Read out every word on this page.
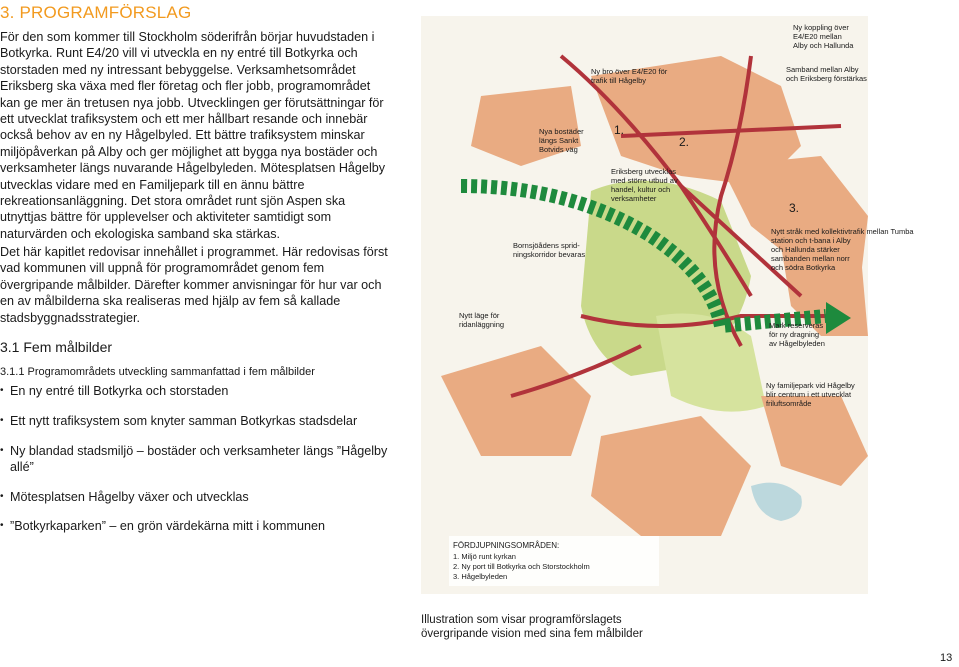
3. PROGRAMFÖRSLAG

För den som kommer till Stockholm söderifrån börjar huvudstaden i Botkyrka. Runt E4/20 vill vi utveckla en ny entré till Botkyrka och storstaden med ny intressant bebyggelse. Verksamhetsområdet Eriksberg ska växa med fler företag och fler jobb, programområdet kan ge mer än tretusen nya jobb. Utvecklingen ger förutsättningar för ett utvecklat trafiksystem och ett mer hållbart resande och innebär också behov av en ny Hågelbyled. Ett bättre trafiksystem minskar miljöpåverkan på Alby och ger möjlighet att bygga nya bostäder och verksamheter längs nuvarande Hågelbyleden. Mötesplatsen Hågelby utvecklas vidare med en Familjepark till en ännu bättre rekreationsanläggning. Det stora området runt sjön Aspen ska utnyttjas bättre för upplevelser och aktiviteter samtidigt som naturvärden och ekologiska samband ska stärkas.

Det här kapitlet redovisar innehållet i programmet. Här redovisas först vad kommunen vill uppnå för programområdet genom fem övergripande målbilder. Därefter kommer anvisningar för hur var och en av målbilderna ska realiseras med hjälp av fem så kallade stadsbyggnadsstrategier.

3.1 Fem målbilder
3.1.1 Programområdets utveckling sammanfattad i fem målbilder
• En ny entré till Botkyrka och storstaden
• Ett nytt trafiksystem som knyter samman Botkyrkas stadsdelar
• Ny blandad stadsmiljö – bostäder och verksamheter längs ”Hågelby allé”
• Mötesplatsen Hågelby växer och utvecklas
• ”Botkyrkaparken” – en grön värdekärna mitt i kommunen
1.
2.
3.
Ny koppling över E4/E20 mellan Alby och Hallunda
Ny bro över E4/E20 för trafik till Hågelby
Samband mellan Alby och Eriksberg förstärkas
Nya bostäder längs Sankt Botvids väg
Eriksberg utvecklas med större utbud av handel, kultur och verksamheter
Nytt stråk med kollektivtrafik mellan Tumba station och t-bana i Alby och Hallunda stärker sambanden mellan norr och södra Botkyrka
Bornsjöådens sprid- ningskorridor bevaras
Nytt läge för ridanläggning	Mark reserveras för ny dragning av Hågelbyleden
Ny familjepark vid Hågelby blir centrum i ett utvecklat friluftsområde
FÖRDJUPNINGSOMRÅDEN:
1. Miljö runt kyrkan
2. Ny port till Botkyrka och Storstockholm
3. Hågelbyleden

Illustration som visar programförslagets övergripande vision med sina fem målbilder

13
